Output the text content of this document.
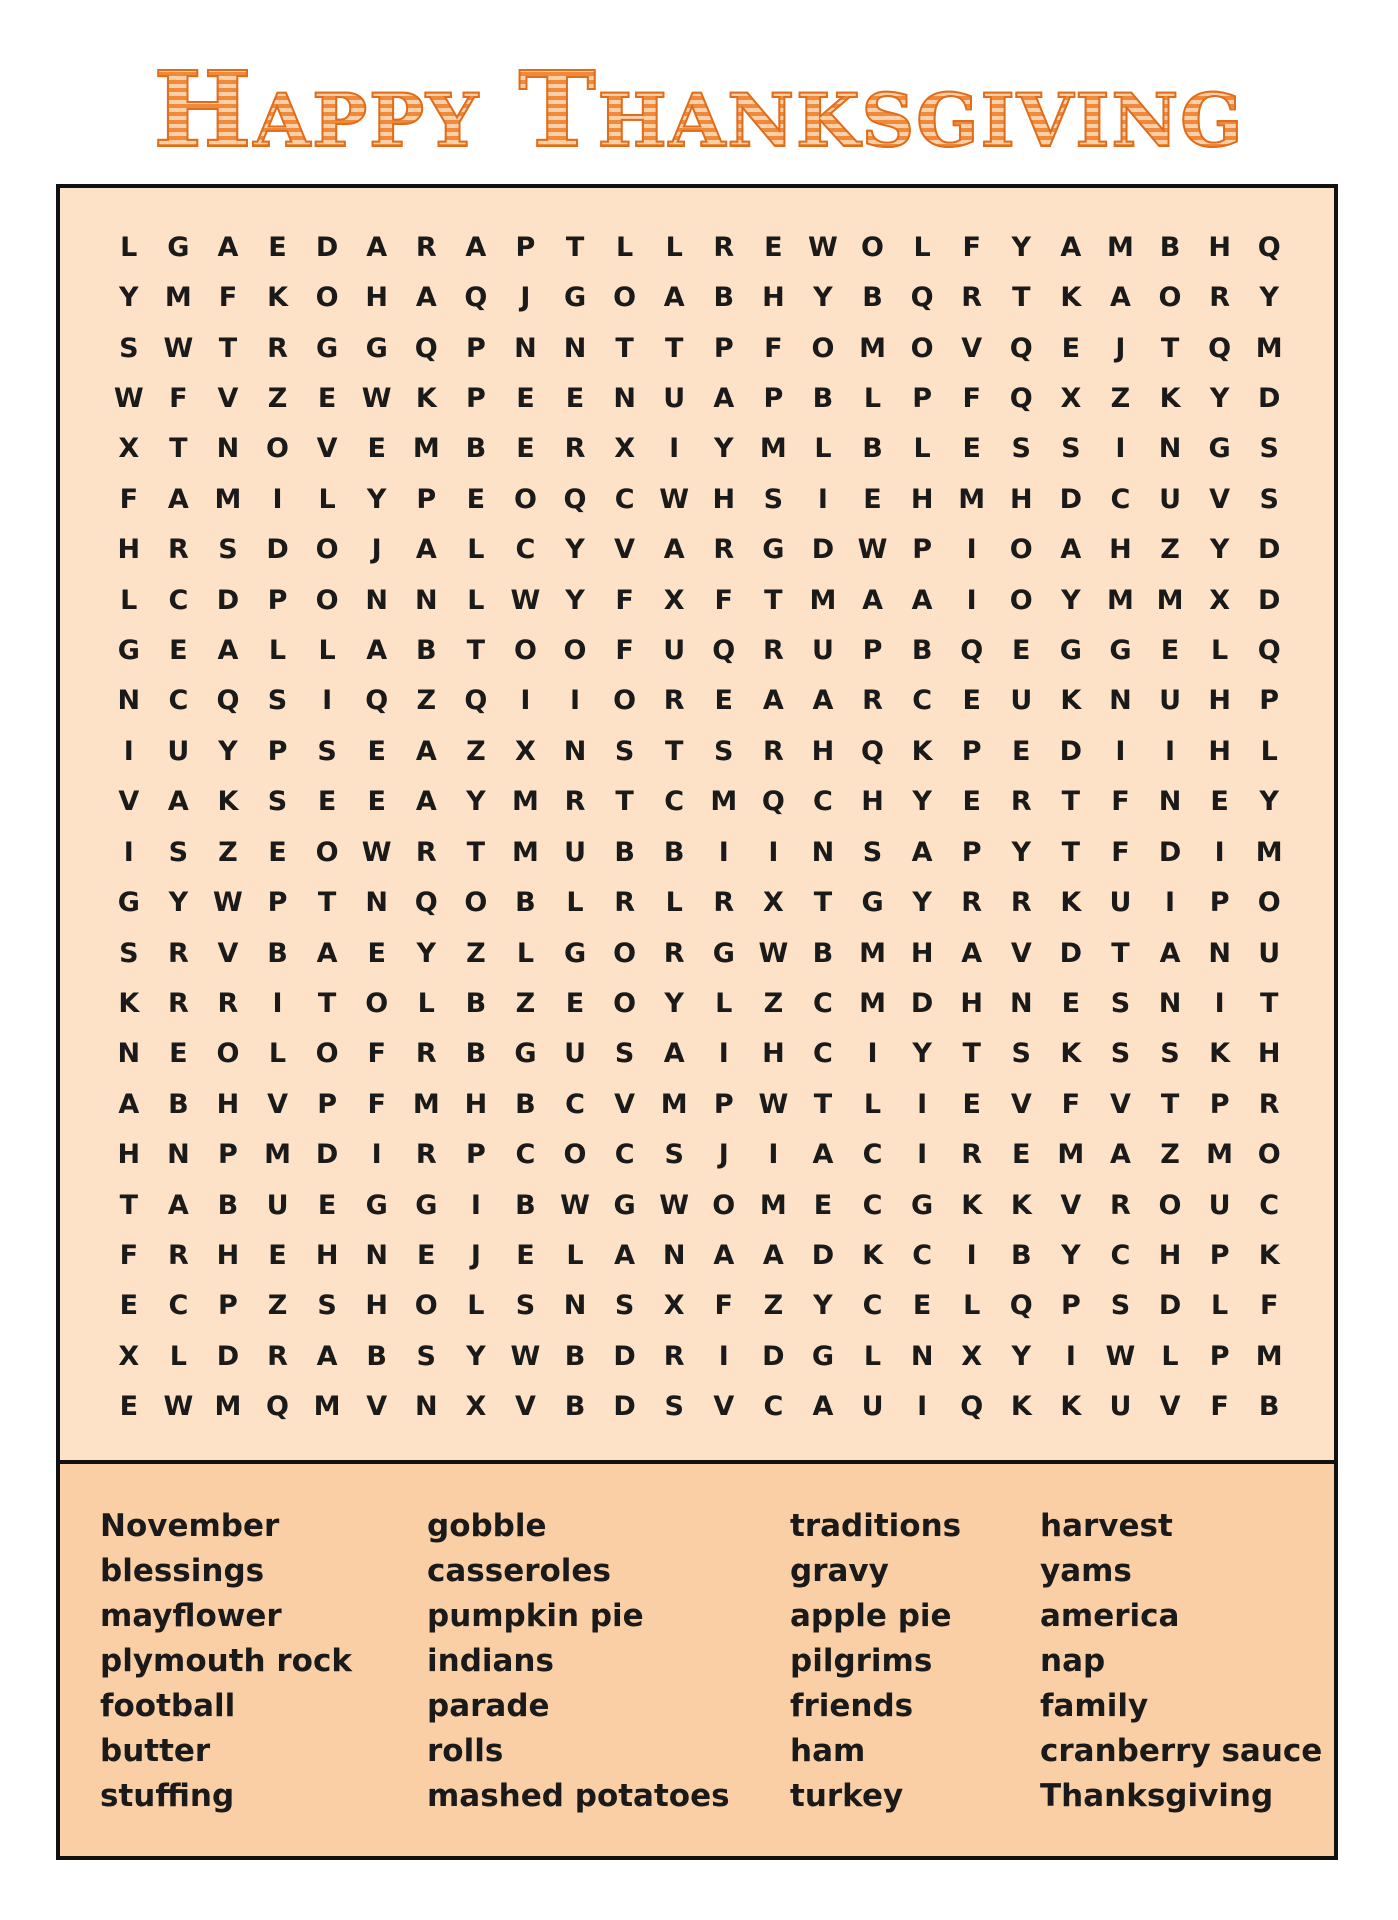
Happy Thanksgiving
L	G	A	E	D	A	R	A	P	T	L	L	R	E W O	L	F	Y	A M B	H Q
Y M F	K	O H	A	Q	J	G	O	A	B	H	Y	B	Q	R	T	K	A	O	R	Y
S W T	R	G	G	Q	P	N N	T	T	P	F	O M O	V	Q	E	J	T	Q M
W F	V	Z	E W K	P	E	E	N	U	A	P	B	L	P	F	Q	X	Z	K	Y	D
X	T	N O	V	E M B	E	R	X	I	Y M	L	B	L	E	S	S	I	N	G	S
F	A M	I	L	Y	P	E	O Q	C W H	S	I	E	H M H	D	C	U	V	S
H	R	S	D O	J	A	L	C	Y	V	A	R	G	D W P	I	O	A	H	Z	Y	D
L	C	D	P	O N N	L W Y	F	X	F	T M A	A	I	O	Y M M X	D
G	E	A	L	L	A	B	T	O O	F	U	Q	R	U	P	B	Q	E	G	G	E	L	Q
N	C	Q	S	I	Q	Z	Q	I	I	O	R	E	A	A	R	C	E	U	K	N	U	H	P
I	U	Y	P	S	E	A	Z	X	N	S	T	S	R	H Q	K	P	E	D	I	I	H	L
V	A	K	S	E	E	A	Y M R	T	C M Q	C	H	Y	E	R	T	F	N	E	Y
I	S	Z	E	O W R	T M U	B	B	I	I	N	S	A	P	Y	T	F	D	I	M
G	Y W P	T	N Q O	B	L	R	L	R	X	T	G	Y	R	R	K	U	I	P	O
S	R	V	B	A	E	Y	Z	L	G	O	R	G W B M H	A	V	D	T	A	N	U
K	R	R	I	T	O	L	B	Z	E	O	Y	L	Z	C M D	H N	E	S	N	I	T
N	E	O	L	O	F	R	B	G	U	S	A	I	H	C	I	Y	T	S	K	S	S	K	H
A	B	H	V	P	F M H	B	C	V M P W T	L	I	E	V	F	V	T	P	R
H N	P M D	I	R	P	C	O	C	S	J	I	A	C	I	R	E M A	Z M O
T	A	B	U	E	G	G	I	B W G W O M E	C	G	K	K	V	R	O	U	C
F	R	H	E	H N	E	J	E	L	A	N	A	A	D	K	C	I	B	Y	C	H	P	K
E	C	P	Z	S	H O	L	S	N	S	X	F	Z	Y	C	E	L	Q	P	S	D	L	F
X	L	D	R	A	B	S	Y W B	D	R	I	D	G	L	N	X	Y	I	W L	P M
E W M Q M V	N	X	V	B	D	S	V	C	A	U	I	Q	K	K	U	V	F	B
November
blessings
mayflower
plymouth rock
football
butter
stuffing
gobble
casseroles
pumpkin pie
indians
parade
rolls
mashed potatoes
traditions
gravy
apple pie
pilgrims
friends
ham
turkey
harvest
yams
america
nap
family
cranberry sauce
Thanksgiving
